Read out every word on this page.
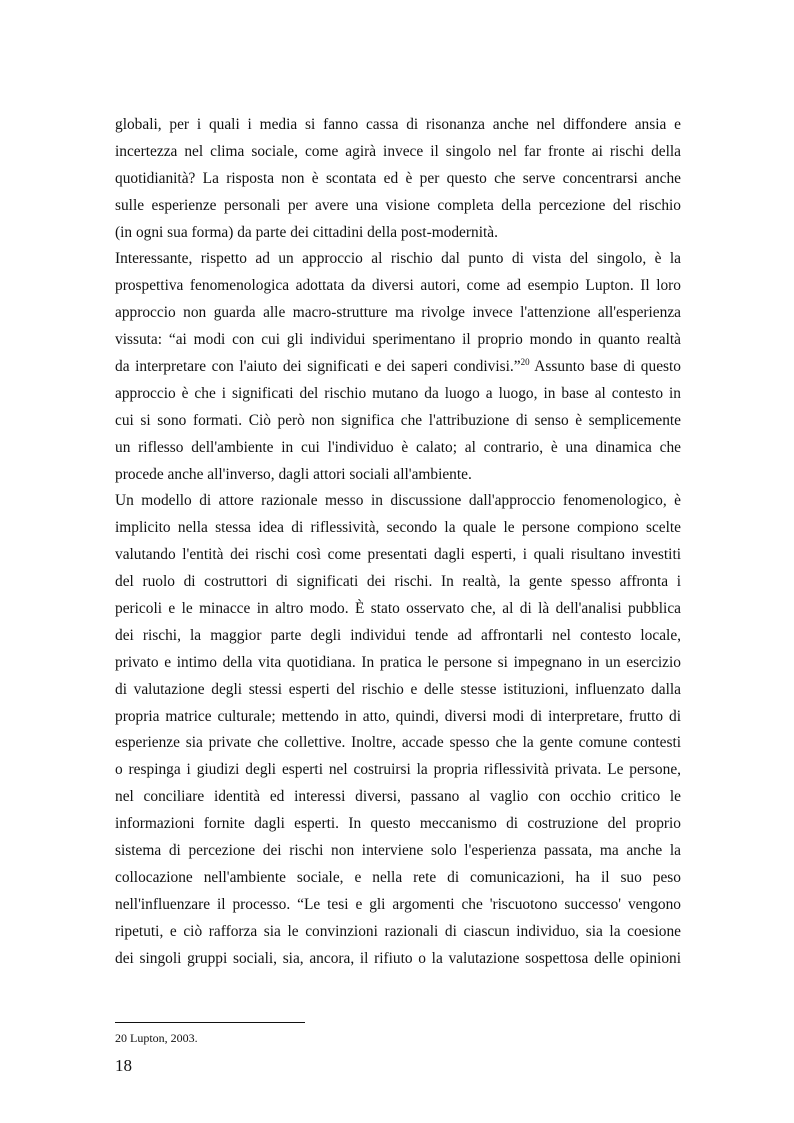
globali, per i quali i media si fanno cassa di risonanza anche nel diffondere ansia e
incertezza nel clima sociale, come agirà invece il singolo nel far fronte ai rischi della
quotidianità? La risposta non è scontata ed è per questo che serve concentrarsi anche
sulle esperienze personali per avere una visione completa della percezione del rischio
(in ogni sua forma) da parte dei cittadini della post-modernità.

Interessante, rispetto ad un approccio al rischio dal punto di vista del singolo, è la
prospettiva fenomenologica adottata da diversi autori, come ad esempio Lupton. Il loro
approccio non guarda alle macro-strutture ma rivolge invece l'attenzione all'esperienza
vissuta: “ai modi con cui gli individui sperimentano il proprio mondo in quanto realtà
da interpretare con l'aiuto dei significati e dei saperi condivisi.”$^{20}$ Assunto base di questo
approccio è che i significati del rischio mutano da luogo a luogo, in base al contesto in
cui si sono formati. Ciò però non significa che l'attribuzione di senso è semplicemente
un riflesso dell'ambiente in cui l'individuo è calato; al contrario, è una dinamica che
procede anche all'inverso, dagli attori sociali all'ambiente.

Un modello di attore razionale messo in discussione dall'approccio fenomenologico, è
implicito nella stessa idea di riflessività, secondo la quale le persone compiono scelte
valutando l'entità dei rischi così come presentati dagli esperti, i quali risultano investiti
del ruolo di costruttori di significati dei rischi. In realtà, la gente spesso affronta i
pericoli e le minacce in altro modo. È stato osservato che, al di là dell'analisi pubblica
dei rischi, la maggior parte degli individui tende ad affrontarli nel contesto locale,
privato e intimo della vita quotidiana. In pratica le persone si impegnano in un esercizio
di valutazione degli stessi esperti del rischio e delle stesse istituzioni, influenzato dalla
propria matrice culturale; mettendo in atto, quindi, diversi modi di interpretare, frutto di
esperienze sia private che collettive. Inoltre, accade spesso che la gente comune contesti
o respinga i giudizi degli esperti nel costruirsi la propria riflessività privata. Le persone,
nel conciliare identità ed interessi diversi, passano al vaglio con occhio critico le
informazioni fornite dagli esperti. In questo meccanismo di costruzione del proprio
sistema di percezione dei rischi non interviene solo l'esperienza passata, ma anche la
collocazione nell'ambiente sociale, e nella rete di comunicazioni, ha il suo peso
nell'influenzare il processo. “Le tesi e gli argomenti che 'riscuotono successo' vengono
ripetuti, e ciò rafforza sia le convinzioni razionali di ciascun individuo, sia la coesione
dei singoli gruppi sociali, sia, ancora, il rifiuto o la valutazione sospettosa delle opinioni

20 Lupton, 2003.
18
